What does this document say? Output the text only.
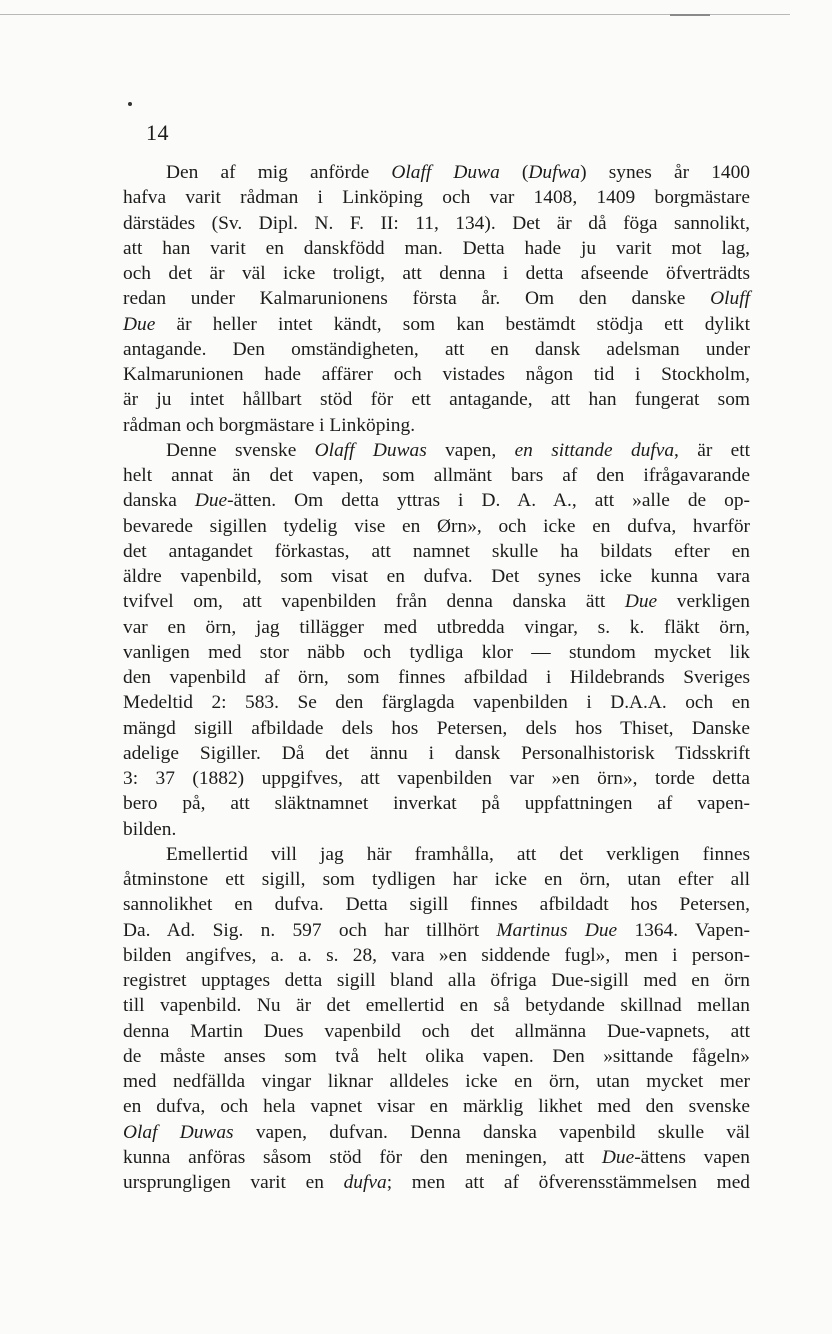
14

Den af mig anförde Olaff Duwa (Dufwa) synes år 1400
hafva varit rådman i Linköping och var 1408, 1409 borgmästare
därstädes (Sv. Dipl. N. F. II: 11, 134). Det är då föga sannolikt,
att han varit en danskfödd man. Detta hade ju varit mot lag,
och det är väl icke troligt, att denna i detta afseende öfverträdts
redan under Kalmarunionens första år. Om den danske Oluff
Due är heller intet kändt, som kan bestämdt stödja ett dylikt
antagande. Den omständigheten, att en dansk adelsman under
Kalmarunionen hade affärer och vistades någon tid i Stockholm,
är ju intet hållbart stöd för ett antagande, att han fungerat som
rådman och borgmästare i Linköping.

Denne svenske Olaff Duwas vapen, en sittande dufva, är ett
helt annat än det vapen, som allmänt bars af den ifrågavarande
danska Due-ätten. Om detta yttras i D. A. A., att »alle de op-
bevarede sigillen tydelig vise en Ørn», och icke en dufva, hvarför
det antagandet förkastas, att namnet skulle ha bildats efter en
äldre vapenbild, som visat en dufva. Det synes icke kunna vara
tvifvel om, att vapenbilden från denna danska ätt Due verkligen
var en örn, jag tillägger med utbredda vingar, s. k. fläkt örn,
vanligen med stor näbb och tydliga klor — stundom mycket lik
den vapenbild af örn, som finnes afbildad i Hildebrands Sveriges
Medeltid 2: 583. Se den färglagda vapenbilden i D.A.A. och en
mängd sigill afbildade dels hos Petersen, dels hos Thiset, Danske
adelige Sigiller. Då det ännu i dansk Personalhistorisk Tidsskrift
3: 37 (1882) uppgifves, att vapenbilden var »en örn», torde detta
bero på, att släktnamnet inverkat på uppfattningen af vapen-
bilden.

Emellertid vill jag här framhålla, att det verkligen finnes
åtminstone ett sigill, som tydligen har icke en örn, utan efter all
sannolikhet en dufva. Detta sigill finnes afbildadt hos Petersen,
Da. Ad. Sig. n. 597 och har tillhört Martinus Due 1364. Vapen-
bilden angifves, a. a. s. 28, vara »en siddende fugl», men i person-
registret upptages detta sigill bland alla öfriga Due-sigill med en örn
till vapenbild. Nu är det emellertid en så betydande skillnad mellan
denna Martin Dues vapenbild och det allmänna Due-vapnets, att
de måste anses som två helt olika vapen. Den »sittande fågeln»
med nedfällda vingar liknar alldeles icke en örn, utan mycket mer
en dufva, och hela vapnet visar en märklig likhet med den svenske
Olaf Duwas vapen, dufvan. Denna danska vapenbild skulle väl
kunna anföras såsom stöd för den meningen, att Due-ättens vapen
ursprungligen varit en dufva; men att af öfverensstämmelsen med
